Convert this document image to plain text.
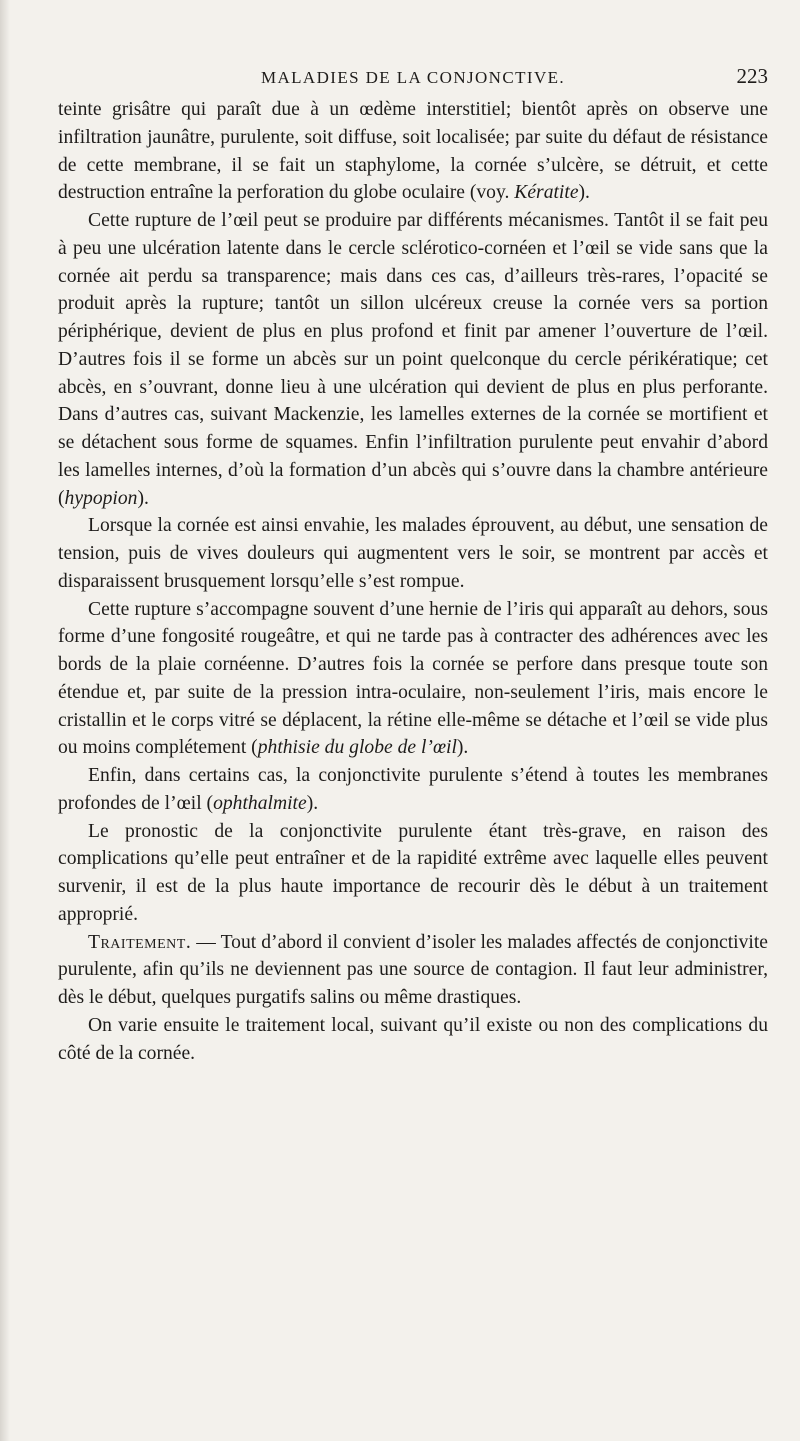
MALADIES DE LA CONJONCTIVE.	223

teinte grisâtre qui paraît due à un œdème interstitiel; bientôt après on observe une infiltration jaunâtre, purulente, soit diffuse, soit localisée; par suite du défaut de résistance de cette membrane, il se fait un staphylome, la cornée s’ulcère, se détruit, et cette destruction entraîne la perforation du globe oculaire (voy. Kératite).

Cette rupture de l’œil peut se produire par différents mécanismes. Tantôt il se fait peu à peu une ulcération latente dans le cercle sclérotico-cornéen et l’œil se vide sans que la cornée ait perdu sa transparence; mais dans ces cas, d’ailleurs très-rares, l’opacité se produit après la rupture; tantôt un sillon ulcéreux creuse la cornée vers sa portion périphérique, devient de plus en plus profond et finit par amener l’ouverture de l’œil. D’autres fois il se forme un abcès sur un point quelconque du cercle périkératique; cet abcès, en s’ouvrant, donne lieu à une ulcération qui devient de plus en plus perforante. Dans d’autres cas, suivant Mackenzie, les lamelles externes de la cornée se mortifient et se détachent sous forme de squames. Enfin l’infiltration purulente peut envahir d’abord les lamelles internes, d’où la formation d’un abcès qui s’ouvre dans la chambre antérieure (hypopion).

Lorsque la cornée est ainsi envahie, les malades éprouvent, au début, une sensation de tension, puis de vives douleurs qui augmentent vers le soir, se montrent par accès et disparaissent brusquement lorsqu’elle s’est rompue.

Cette rupture s’accompagne souvent d’une hernie de l’iris qui apparaît au dehors, sous forme d’une fongosité rougeâtre, et qui ne tarde pas à contracter des adhérences avec les bords de la plaie cornéenne. D’autres fois la cornée se perfore dans presque toute son étendue et, par suite de la pression intra-oculaire, non-seulement l’iris, mais encore le cristallin et le corps vitré se déplacent, la rétine elle-même se détache et l’œil se vide plus ou moins complétement (phthisie du globe de l’œil).

Enfin, dans certains cas, la conjonctivite purulente s’étend à toutes les membranes profondes de l’œil (ophthalmite).

Le pronostic de la conjonctivite purulente étant très-grave, en raison des complications qu’elle peut entraîner et de la rapidité extrême avec laquelle elles peuvent survenir, il est de la plus haute importance de recourir dès le début à un traitement approprié.

Traitement. — Tout d’abord il convient d’isoler les malades affectés de conjonctivite purulente, afin qu’ils ne deviennent pas une source de contagion. Il faut leur administrer, dès le début, quelques purgatifs salins ou même drastiques.

On varie ensuite le traitement local, suivant qu’il existe ou non des complications du côté de la cornée.
